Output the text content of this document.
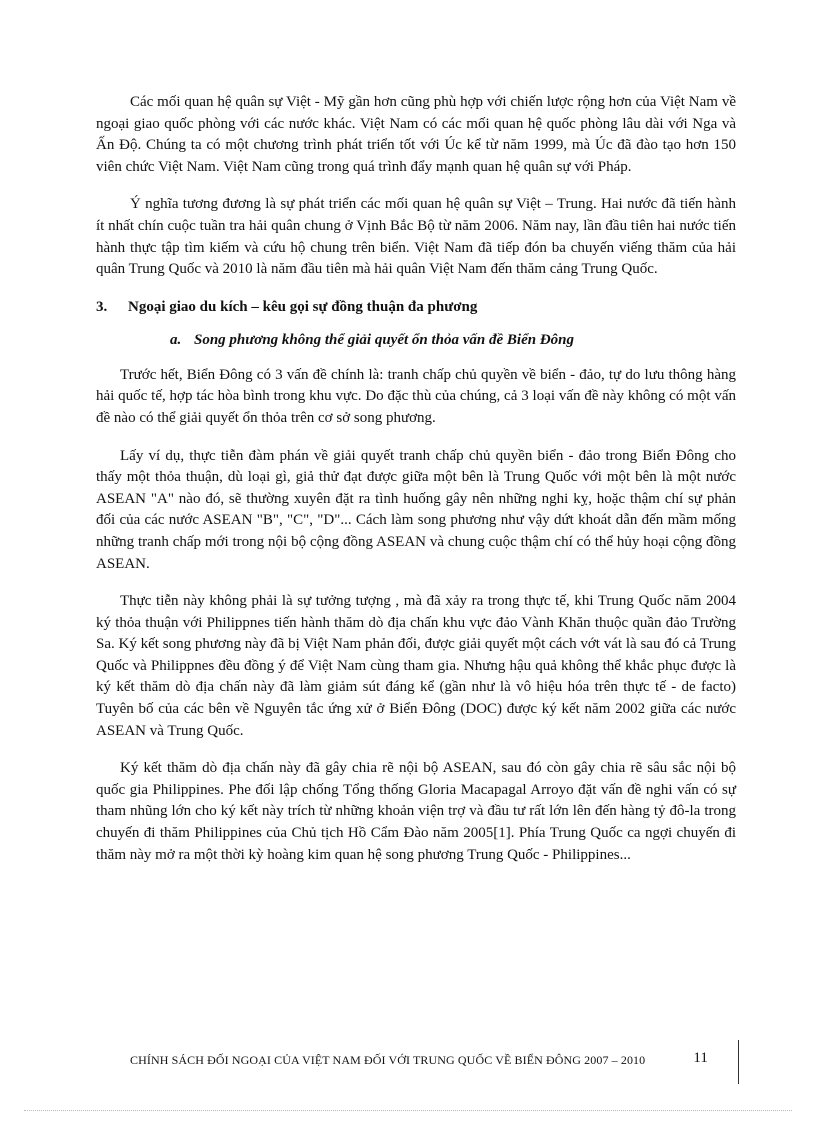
Các mối quan hệ quân sự Việt - Mỹ gần hơn cũng phù hợp với chiến lược rộng hơn của Việt Nam về ngoại giao quốc phòng với các nước khác. Việt Nam có các mối quan hệ quốc phòng lâu dài với Nga và Ấn Độ. Chúng ta có một chương trình phát triển tốt với Úc kể từ năm 1999, mà Úc đã đào tạo hơn 150 viên chức Việt Nam. Việt Nam cũng trong quá trình đẩy mạnh quan hệ quân sự với Pháp.

Ý nghĩa tương đương là sự phát triển các mối quan hệ quân sự Việt – Trung. Hai nước đã tiến hành ít nhất chín cuộc tuần tra hải quân chung ở Vịnh Bắc Bộ từ năm 2006. Năm nay, lần đầu tiên hai nước tiến hành thực tập tìm kiếm và cứu hộ chung trên biển. Việt Nam đã tiếp đón ba chuyến viếng thăm của hải quân Trung Quốc và 2010 là năm đầu tiên mà hải quân Việt Nam đến thăm cảng Trung Quốc.

3.	Ngoại giao du kích – kêu gọi sự đồng thuận đa phương
a. Song phương không thể giải quyết ổn thỏa vấn đề Biển Đông

Trước hết, Biển Đông có 3 vấn đề chính là: tranh chấp chủ quyền về biển - đảo, tự do lưu thông hàng hải quốc tế, hợp tác hòa bình trong khu vực. Do đặc thù của chúng, cả 3 loại vấn đề này không có một vấn đề nào có thể giải quyết ổn thỏa trên cơ sở song phương.

Lấy ví dụ, thực tiễn đàm phán về giải quyết tranh chấp chủ quyền biển - đảo trong Biển Đông cho thấy một thỏa thuận, dù loại gì, giả thử đạt được giữa một bên là Trung Quốc với một bên là một nước ASEAN "A" nào đó, sẽ thường xuyên đặt ra tình huống gây nên những nghi kỵ, hoặc thậm chí sự phản đối của các nước ASEAN "B", "C", "D"... Cách làm song phương như vậy dứt khoát dẫn đến mầm mống những tranh chấp mới trong nội bộ cộng đồng ASEAN và chung cuộc thậm chí có thể hủy hoại cộng đồng ASEAN.

Thực tiễn này không phải là sự tưởng tượng , mà đã xảy ra trong thực tế, khi Trung Quốc năm 2004 ký thỏa thuận với Philippnes tiến hành thăm dò địa chấn khu vực đảo Vành Khăn thuộc quần đảo Trường Sa. Ký kết song phương này đã bị Việt Nam phản đối, được giải quyết một cách vớt vát là sau đó cả Trung Quốc và Philippnes đều đồng ý để Việt Nam cùng tham gia. Nhưng hậu quả không thể khắc phục được là ký kết thăm dò địa chấn này đã làm giảm sút đáng kể (gần như là vô hiệu hóa trên thực tế - de facto) Tuyên bố của các bên về Nguyên tắc ứng xử ở Biển Đông (DOC) được ký kết năm 2002 giữa các nước ASEAN và Trung Quốc.

Ký kết thăm dò địa chấn này đã gây chia rẽ nội bộ ASEAN, sau đó còn gây chia rẽ sâu sắc nội bộ quốc gia Philippines. Phe đối lập chống Tổng thống Gloria Macapagal Arroyo đặt vấn đề nghi vấn có sự tham nhũng lớn cho ký kết này trích từ những khoản viện trợ và đầu tư rất lớn lên đến hàng tỷ đô-la trong chuyến đi thăm Philippines của Chủ tịch Hồ Cẩm Đào năm 2005[1]. Phía Trung Quốc ca ngợi chuyến đi thăm này mở ra một thời kỳ hoàng kim quan hệ song phương Trung Quốc - Philippines...

CHÍNH SÁCH ĐỐI NGOẠI CỦA VIỆT NAM ĐỐI VỚI TRUNG QUỐC VỀ BIỂN ĐÔNG 2007 – 2010	11
